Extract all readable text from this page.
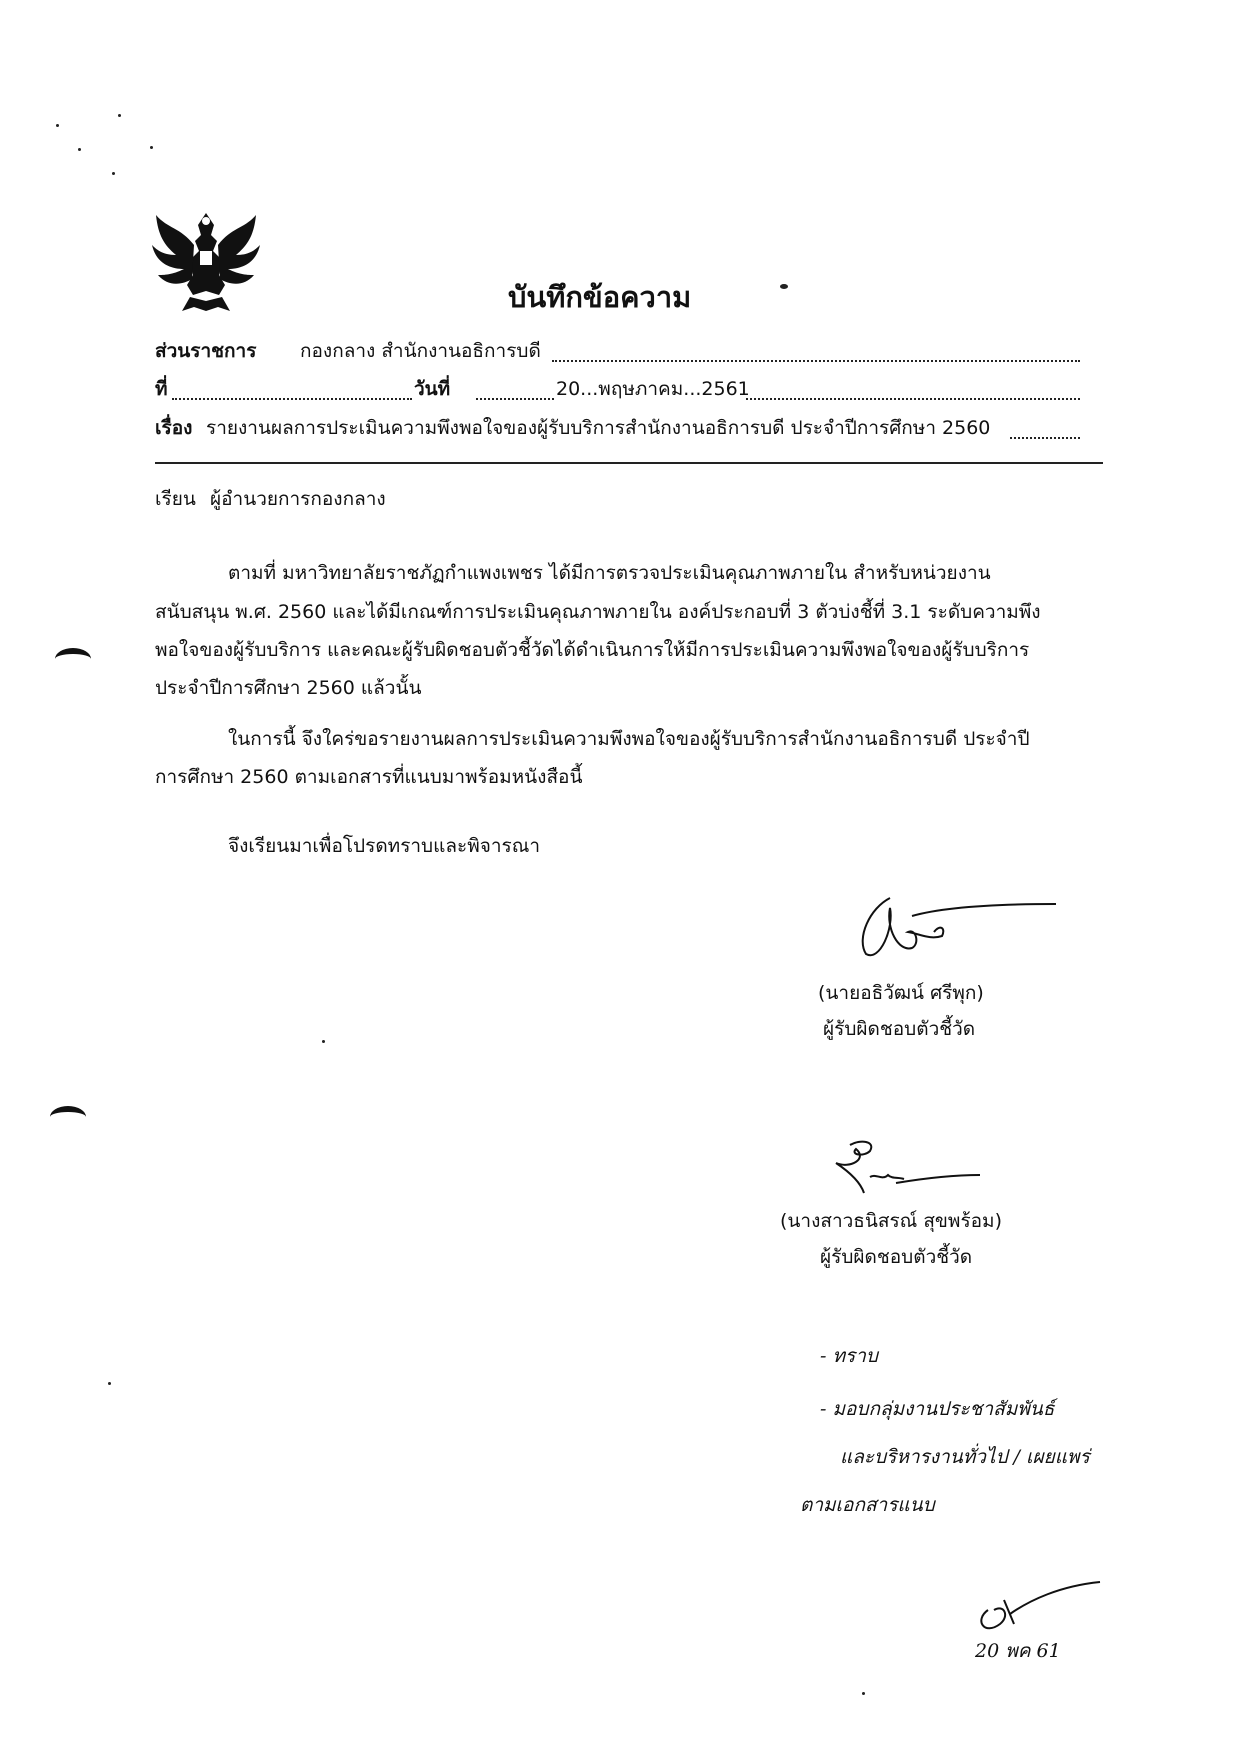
บันทึกข้อความ
ส่วนราชการ กองกลาง สำนักงานอธิการบดี
ที่	วันที่	20...พฤษภาคม...2561
เรื่อง รายงานผลการประเมินความพึงพอใจของผู้รับบริการสำนักงานอธิการบดี ประจำปีการศึกษา 2560
เรียน ผู้อำนวยการกองกลาง
ตามที่ มหาวิทยาลัยราชภัฏกำแพงเพชร ได้มีการตรวจประเมินคุณภาพภายใน สำหรับหน่วยงาน
สนับสนุน พ.ศ. 2560 และได้มีเกณฑ์การประเมินคุณภาพภายใน องค์ประกอบที่ 3 ตัวบ่งชี้ที่ 3.1 ระดับความพึง
พอใจของผู้รับบริการ และคณะผู้รับผิดชอบตัวชี้วัดได้ดำเนินการให้มีการประเมินความพึงพอใจของผู้รับบริการ
ประจำปีการศึกษา 2560 แล้วนั้น
ในการนี้ จึงใคร่ขอรายงานผลการประเมินความพึงพอใจของผู้รับบริการสำนักงานอธิการบดี ประจำปี
การศึกษา 2560 ตามเอกสารที่แนบมาพร้อมหนังสือนี้
จึงเรียนมาเพื่อโปรดทราบและพิจารณา
(นายอธิวัฒน์ ศรีพุก)
ผู้รับผิดชอบตัวชี้วัด
(นางสาวธนิสรณ์ สุขพร้อม)
ผู้รับผิดชอบตัวชี้วัด
- ทราบ
- มอบกลุ่มงานประชาสัมพันธ์
และบริหารงานทั่วไป / เผยแพร่
ตามเอกสารแนบ
20 พค 61
